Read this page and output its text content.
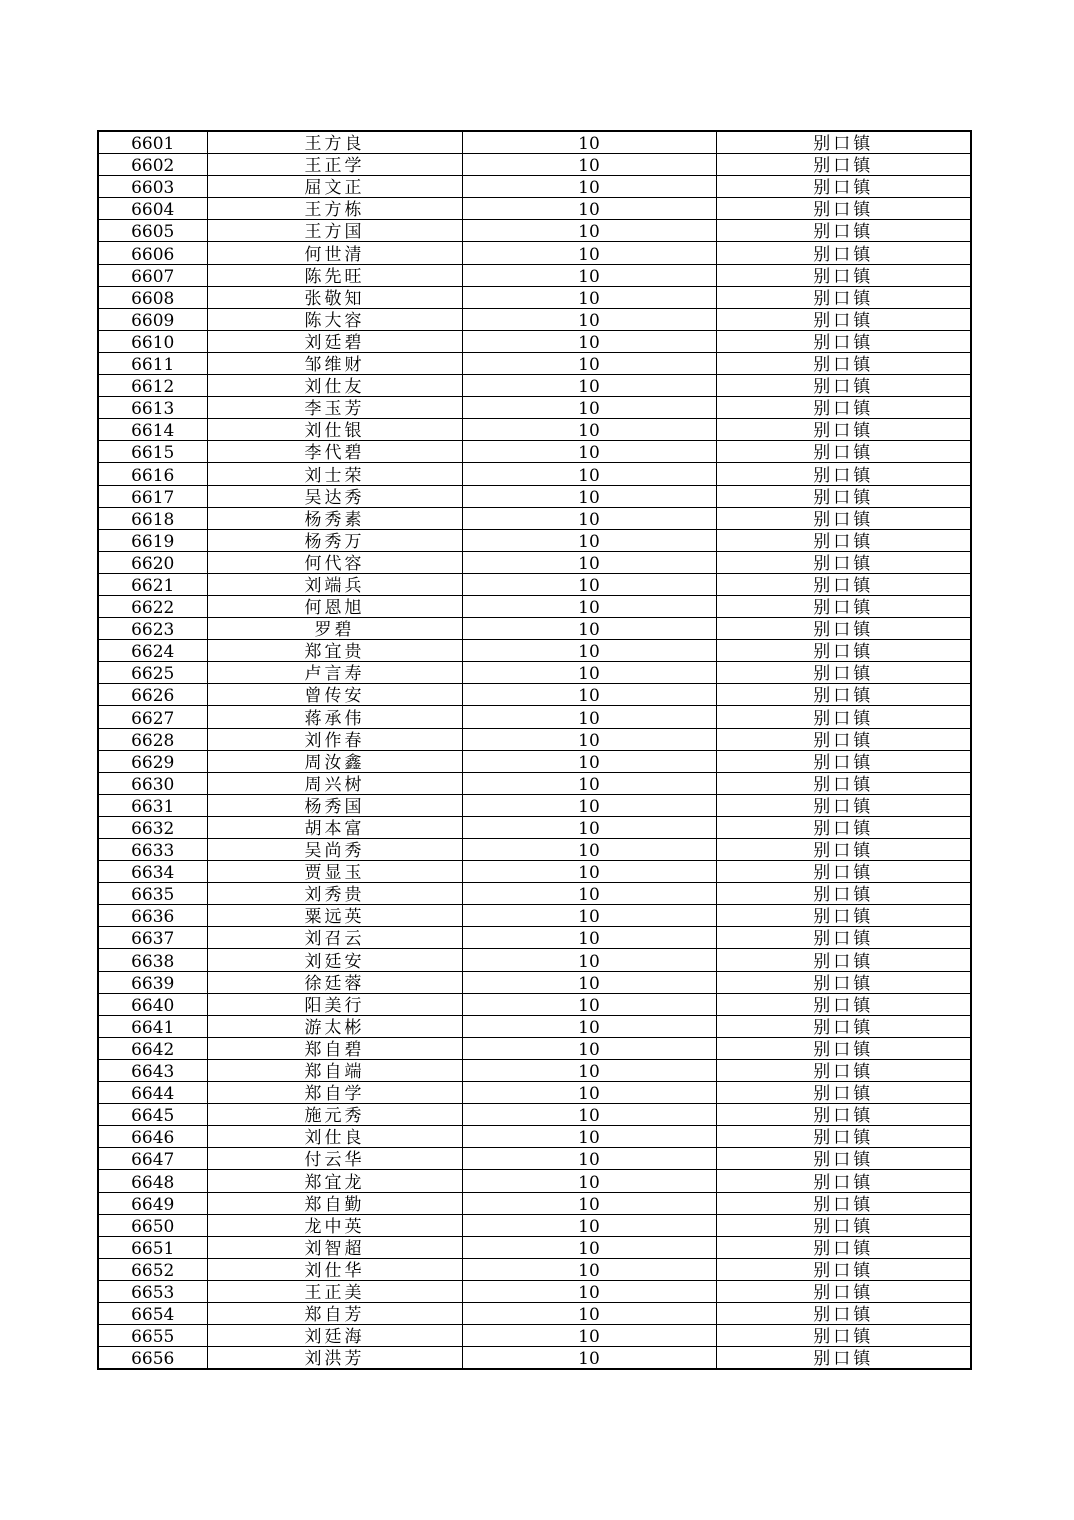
6601	王方良	10	别口镇
6602	王正学	10	别口镇
6603	屈文正	10	别口镇
6604	王方栋	10	别口镇
6605	王方国	10	别口镇
6606	何世清	10	别口镇
6607	陈先旺	10	别口镇
6608	张敬知	10	别口镇
6609	陈大容	10	别口镇
6610	刘廷碧	10	别口镇
6611	邹维财	10	别口镇
6612	刘仕友	10	别口镇
6613	李玉芳	10	别口镇
6614	刘仕银	10	别口镇
6615	李代碧	10	别口镇
6616	刘士荣	10	别口镇
6617	吴达秀	10	别口镇
6618	杨秀素	10	别口镇
6619	杨秀万	10	别口镇
6620	何代容	10	别口镇
6621	刘端兵	10	别口镇
6622	何恩旭	10	别口镇
6623	罗碧	10	别口镇
6624	郑宜贵	10	别口镇
6625	卢言寿	10	别口镇
6626	曾传安	10	别口镇
6627	蒋承伟	10	别口镇
6628	刘作春	10	别口镇
6629	周汝鑫	10	别口镇
6630	周兴树	10	别口镇
6631	杨秀国	10	别口镇
6632	胡本富	10	别口镇
6633	吴尚秀	10	别口镇
6634	贾显玉	10	别口镇
6635	刘秀贵	10	别口镇
6636	粟远英	10	别口镇
6637	刘召云	10	别口镇
6638	刘廷安	10	别口镇
6639	徐廷蓉	10	别口镇
6640	阳美行	10	别口镇
6641	游太彬	10	别口镇
6642	郑自碧	10	别口镇
6643	郑自端	10	别口镇
6644	郑自学	10	别口镇
6645	施元秀	10	别口镇
6646	刘仕良	10	别口镇
6647	付云华	10	别口镇
6648	郑宜龙	10	别口镇
6649	郑自勤	10	别口镇
6650	龙中英	10	别口镇
6651	刘智超	10	别口镇
6652	刘仕华	10	别口镇
6653	王正美	10	别口镇
6654	郑自芳	10	别口镇
6655	刘廷海	10	别口镇
6656	刘洪芳	10	别口镇
